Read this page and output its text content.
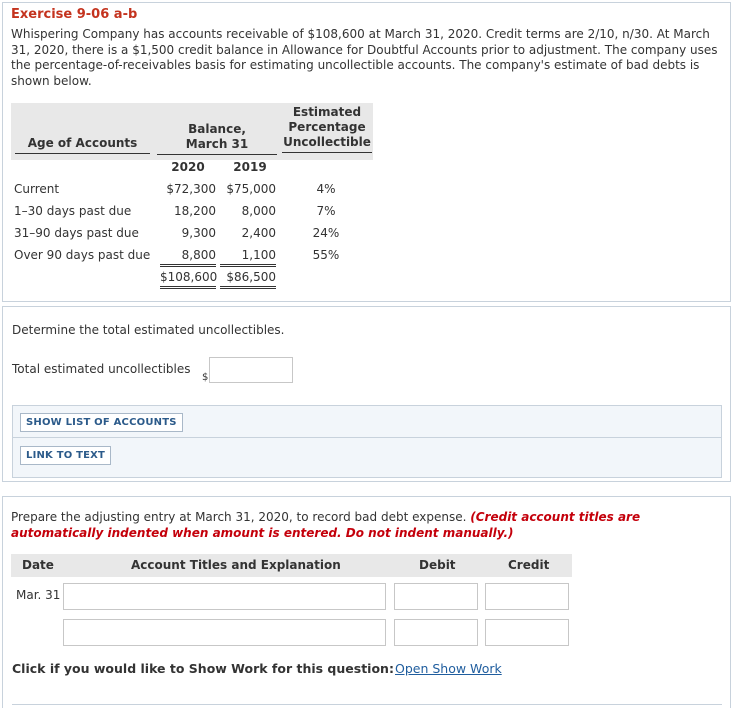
Exercise 9-06 a-b
Whispering Company has accounts receivable of $108,600 at March 31, 2020. Credit terms are 2/10, n/30. At March 31, 2020, there is a $1,500 credit balance in Allowance for Doubtful Accounts prior to adjustment. The company uses the percentage-of-receivables basis for estimating uncollectible accounts. The company's estimate of bad debts is shown below.
Age of Accounts
Balance,
March 31
Estimated
Percentage
Uncollectible
2020	2019
Current	$72,300 $75,000	4%
1–30 days past due	18,200	8,000	7%
31–90 days past due	9,300	2,400	24%
Over 90 days past due	8,800	1,100	55%
$108,600 $86,500
Determine the total estimated uncollectibles.
Total estimated uncollectibles
$
SHOW LIST OF ACCOUNTS
LINK TO TEXT
Prepare the adjusting entry at March 31, 2020, to record bad debt expense. (Credit account titles are automatically indented when amount is entered. Do not indent manually.)
Date	Account Titles and Explanation	Debit	Credit
Mar. 31
Click if you would like to Show Work for this question: Open Show Work
